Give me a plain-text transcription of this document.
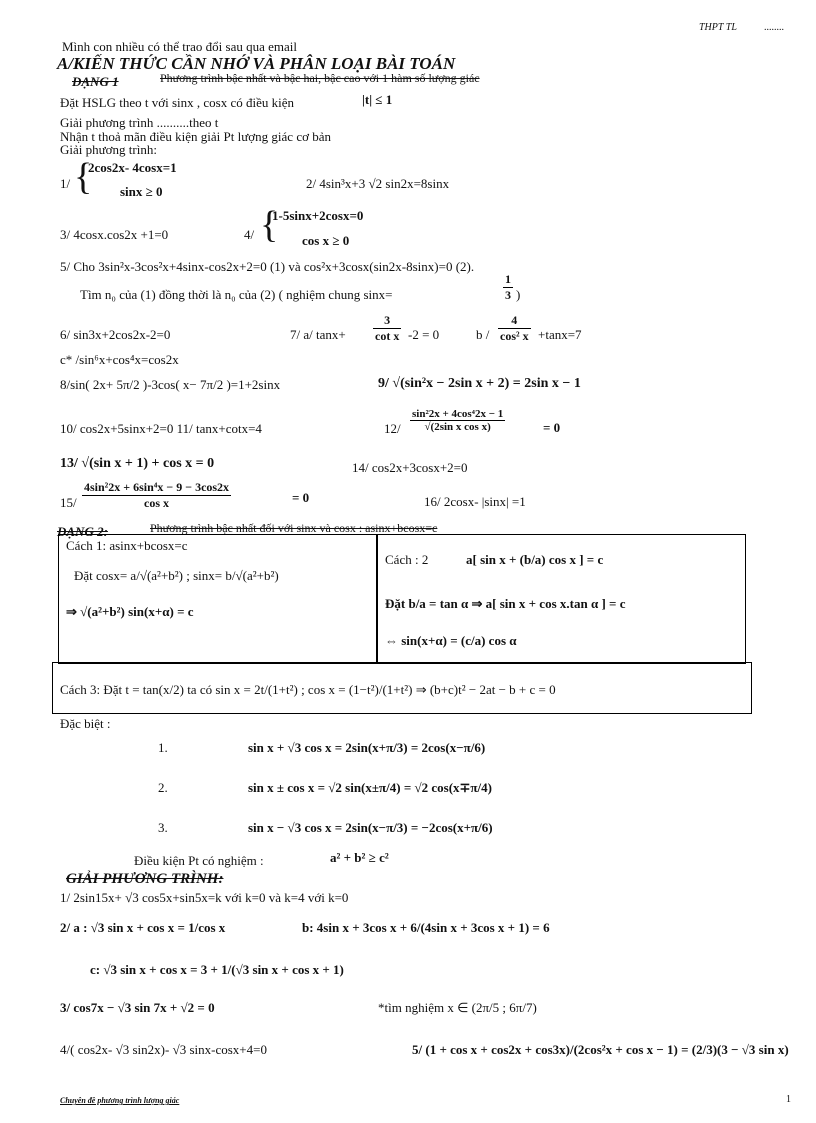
THPT TL	........
Mình con nhiều có thể trao đổi sau qua email
A/KIẾN THỨC CẦN NHỚ VÀ PHÂN LOẠI BÀI TOÁN
DẠNG 1	Phương trình bậc nhất và bậc hai, bậc cao với 1 hàm số lượng giác
Đặt HSLG theo t với sinx , cosx có điều kiện	|t| ≤ 1
Giải phương trình ..........theo t
Nhận t thoả mãn điều kiện giải Pt lượng giác cơ bản
Giải phương trình:
1/ {
2cos2x- 4cosx=1
sinx ≥ 0
2/ 4sin³x+3 √2 sin2x=8sinx
3/ 4cosx.cos2x +1=0	4/ {
1-5sinx+2cosx=0
cos x ≥ 0
5/ Cho 3sin²x-3cos²x+4sinx-cos2x+2=0 (1) và cos²x+3cosx(sin2x-8sinx)=0 (2).
Tìm n₀ của (1) đồng thời là n₀ của (2) ( nghiệm chung sinx=	$\frac{1}{3}$ )
6/ sin3x+2cos2x-2=0	7/ a/ $\tan x+ \frac{3}{\text{cot x}} -2 = 0$	$b / \frac{4}{\text{cos² x}} +\tan x=7$
c* /sin⁶x+cos⁴x=cos2x
8/sin( 2x+ 5π/2 )-3cos( x− 7π/2 )=1+2sinx	9/ √(sin²x − 2sin x + 2) = 2sin x − 1
10/ cos2x+5sinx+2=0 11/ tanx+cotx=4	$12/ \frac{\text{sin²2x + 4cos⁴2x − 1}}{\text{√(2sin x cos x)}}$	= 0
13/ √(sin x + 1) + cos x = 0	14/ cos2x+3cosx+2=0
$15/ \frac{\text{4sin²2x + 6sin⁴x − 9 − 3cos2x}}{\text{cos x}}$	= 0	16/ 2cosx- |sinx| =1
DẠNG 2:	Phương trình bậc nhất đối với sinx và cosx : asinx+bcosx=c
Cách 1: asinx+bcosx=c
Đặt cosx= a/√(a²+b²) ; sinx= b/√(a²+b²)
⇒ √(a²+b²) sin(x+α) = c
Cách : 2	a[ sin x + (b/a) cos x ] = c
Đặt b/a = tan α ⇒ a[ sin x + cos x.tan α ] = c
⇔ sin(x+α) = (c/a) cos α
Cách 3: Đặt t = tan(x/2) ta có sin x = 2t/(1+t²) ; cos x = (1−t²)/(1+t²) ⇒ (b+c)t² − 2at − b + c = 0
Đặc biệt :
1.	sin x + √3 cos x = 2sin(x+π/3) = 2cos(x−π/6)
2.	sin x ± cos x = √2 sin(x±π/4) = √2 cos(x∓π/4)
3.	sin x − √3 cos x = 2sin(x−π/3) = −2cos(x+π/6)
Điều kiện Pt có nghiệm :	a² + b² ≥ c²
GIẢI PHƯƠNG TRÌNH:
1/ 2sin15x+ √3 cos5x+sin5x=k với k=0 và k=4 với k=0
2/ a : √3 sin x + cos x = 1/cos x	b: 4sin x + 3cos x + 6/(4sin x + 3cos x + 1) = 6
c: √3 sin x + cos x = 3 + 1/(√3 sin x + cos x + 1)
3/ cos7x − √3 sin 7x + √2 = 0	*tìm nghiệm x ∈ (2π/5 ; 6π/7)
4/( cos2x- √3 sin2x)- √3 sinx-cosx+4=0	5/ (1 + cos x + cos2x + cos3x)/(2cos²x + cos x − 1) = (2/3)(3 − √3 sin x)
Chuyên đề phương trình lượng giác	1
